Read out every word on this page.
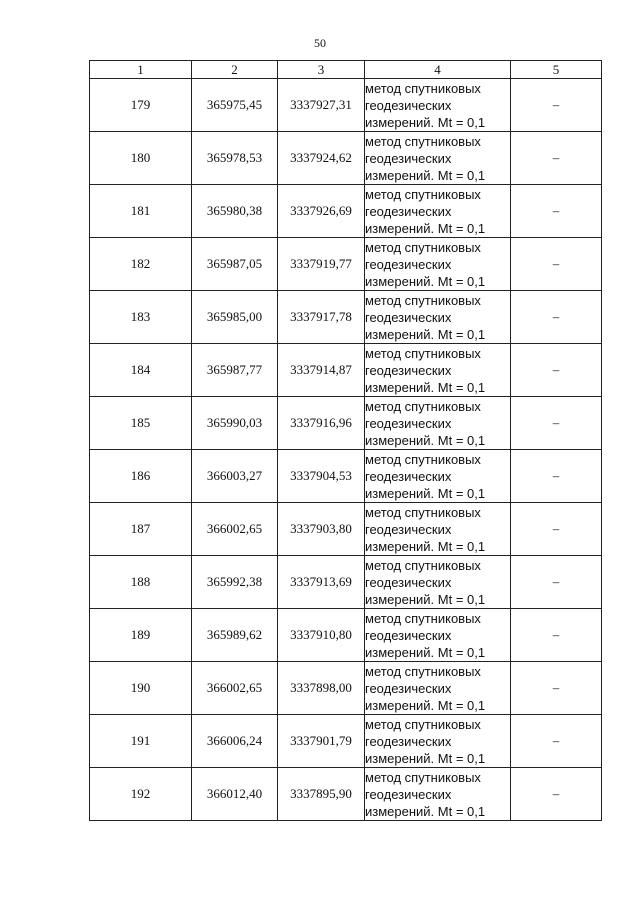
50
1	2	3	4	5
179	365975,45	3337927,31	метод спутниковых
геодезических
измерений. Mt = 0,1	–
180	365978,53	3337924,62	метод спутниковых
геодезических
измерений. Mt = 0,1	–
181	365980,38	3337926,69	метод спутниковых
геодезических
измерений. Mt = 0,1	–
182	365987,05	3337919,77	метод спутниковых
геодезических
измерений. Mt = 0,1	–
183	365985,00	3337917,78	метод спутниковых
геодезических
измерений. Mt = 0,1	–
184	365987,77	3337914,87	метод спутниковых
геодезических
измерений. Mt = 0,1	–
185	365990,03	3337916,96	метод спутниковых
геодезических
измерений. Mt = 0,1	–
186	366003,27	3337904,53	метод спутниковых
геодезических
измерений. Mt = 0,1	–
187	366002,65	3337903,80	метод спутниковых
геодезических
измерений. Mt = 0,1	–
188	365992,38	3337913,69	метод спутниковых
геодезических
измерений. Mt = 0,1	–
189	365989,62	3337910,80	метод спутниковых
геодезических
измерений. Mt = 0,1	–
190	366002,65	3337898,00	метод спутниковых
геодезических
измерений. Mt = 0,1	–
191	366006,24	3337901,79	метод спутниковых
геодезических
измерений. Mt = 0,1	–
192	366012,40	3337895,90	метод спутниковых
геодезических
измерений. Mt = 0,1	–
